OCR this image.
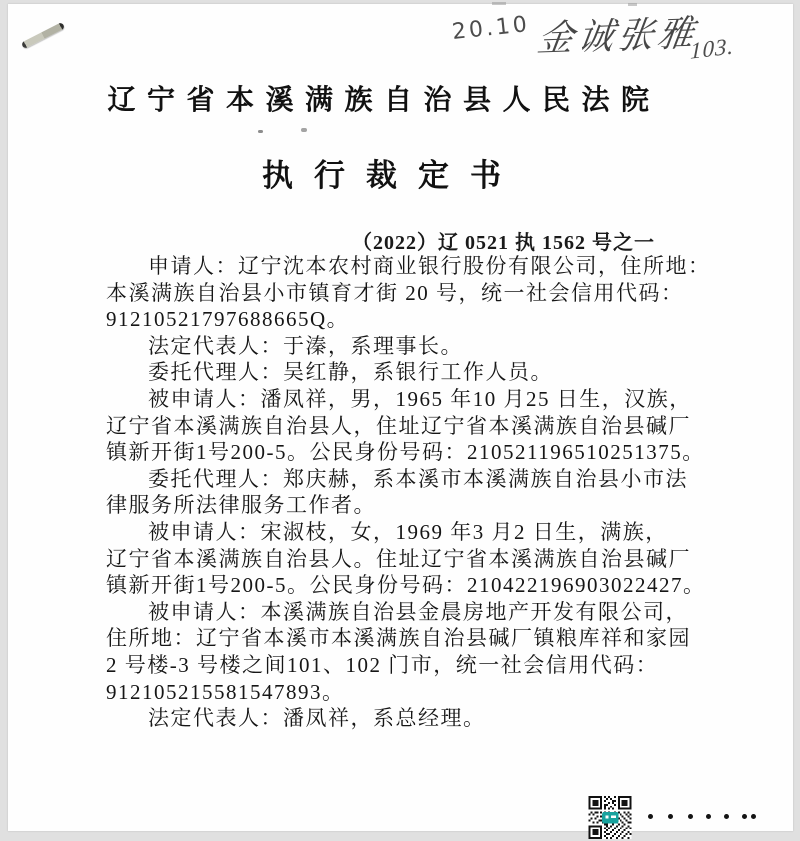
20.10 金诚张雅
103.
辽宁省本溪满族自治县人民法院
执行裁定书
（2022）辽 0521 执 1562 号之一
申请人：辽宁沈本农村商业银行股份有限公司，住所地：
本溪满族自治县小市镇育才街 20 号，统一社会信用代码：
91210521797688665Q。
法定代表人：于溱，系理事长。
委托代理人：吴红静，系银行工作人员。
被申请人：潘凤祥，男，1965 年10 月25 日生，汉族，
辽宁省本溪满族自治县人，住址辽宁省本溪满族自治县碱厂
镇新开街1号200-5。公民身份号码：210521196510251375。
委托代理人：郑庆赫，系本溪市本溪满族自治县小市法
律服务所法律服务工作者。
被申请人：宋淑枝，女，1969 年3 月2 日生，满族，
辽宁省本溪满族自治县人。住址辽宁省本溪满族自治县碱厂
镇新开街1号200-5。公民身份号码：210422196903022427。
被申请人：本溪满族自治县金晨房地产开发有限公司，
住所地：辽宁省本溪市本溪满族自治县碱厂镇粮库祥和家园
2 号楼-3 号楼之间101、102 门市，统一社会信用代码：
912105215581547893。
法定代表人：潘凤祥，系总经理。
